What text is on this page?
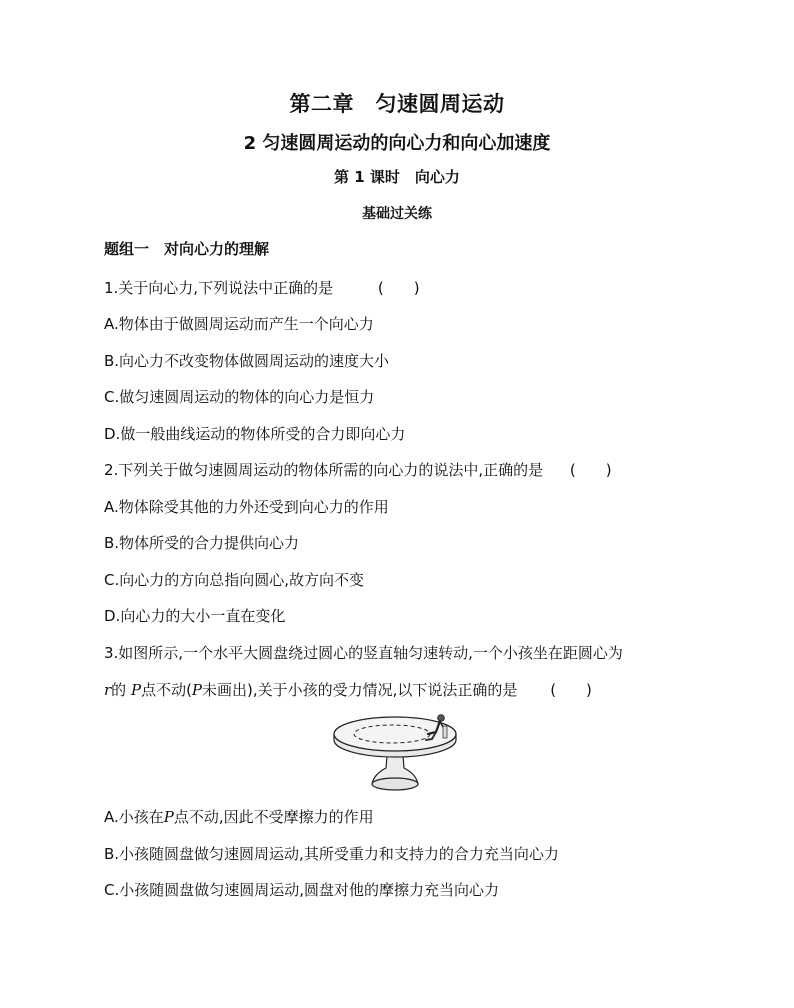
第二章　匀速圆周运动
2 匀速圆周运动的向心力和向心加速度
第 1 课时　向心力
基础过关练
题组一　对向心力的理解
1.关于向心力,下列说法中正确的是	(　　)
A.物体由于做圆周运动而产生一个向心力
B.向心力不改变物体做圆周运动的速度大小
C.做匀速圆周运动的物体的向心力是恒力
D.做一般曲线运动的物体所受的合力即向心力
2.下列关于做匀速圆周运动的物体所需的向心力的说法中,正确的是 (　　)
A.物体除受其他的力外还受到向心力的作用
B.物体所受的合力提供向心力
C.向心力的方向总指向圆心,故方向不变
D.向心力的大小一直在变化
3.如图所示,一个水平大圆盘绕过圆心的竖直轴匀速转动,一个小孩坐在距圆心为
r的 P点不动(P未画出),关于小孩的受力情况,以下说法正确的是 (　　)
A.小孩在P点不动,因此不受摩擦力的作用
B.小孩随圆盘做匀速圆周运动,其所受重力和支持力的合力充当向心力
C.小孩随圆盘做匀速圆周运动,圆盘对他的摩擦力充当向心力
